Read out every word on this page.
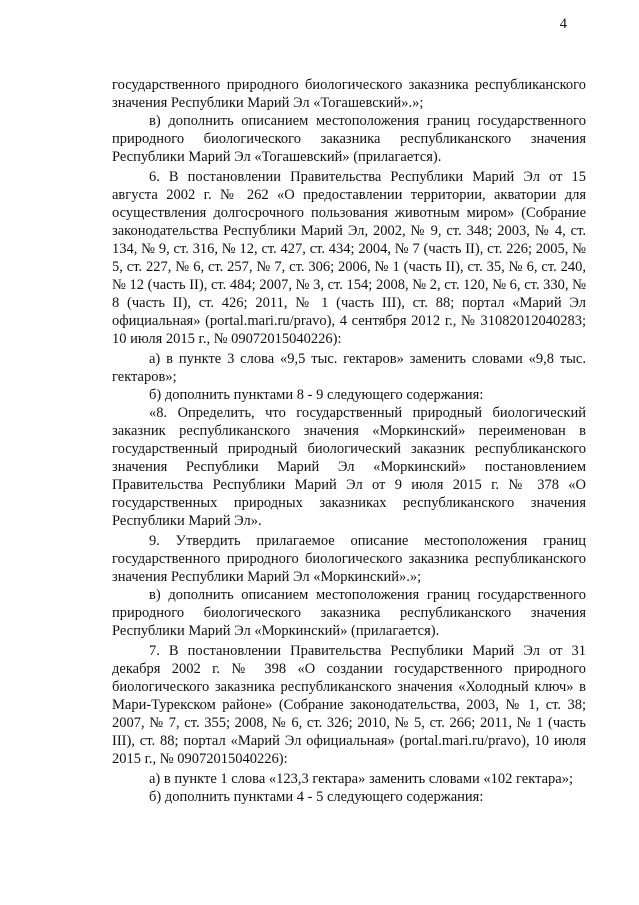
4

государственного природного биологического заказника республиканского значения Республики Марий Эл «Тогашевский».»;

в) дополнить описанием местоположения границ государственного природного биологического заказника республиканского значения Республики Марий Эл «Тогашевский» (прилагается).

6. В постановлении Правительства Республики Марий Эл от 15 августа 2002 г. № 262 «О предоставлении территории, акватории для осуществления долгосрочного пользования животным миром» (Собрание законодательства Республики Марий Эл, 2002, № 9, ст. 348; 2003, № 4, ст. 134, № 9, ст. 316, № 12, ст. 427, ст. 434; 2004, № 7 (часть II), ст. 226; 2005, № 5, ст. 227, № 6, ст. 257, № 7, ст. 306; 2006, № 1 (часть II), ст. 35, № 6, ст. 240, № 12 (часть II), ст. 484; 2007, № 3, ст. 154; 2008, № 2, ст. 120, № 6, ст. 330, № 8 (часть II), ст. 426; 2011, № 1 (часть III), ст. 88; портал «Марий Эл официальная» (portal.mari.ru/pravo), 4 сентября 2012 г., № 31082012040283; 10 июля 2015 г., № 09072015040226):

а) в пункте 3 слова «9,5 тыс. гектаров» заменить словами «9,8 тыс. гектаров»;

б) дополнить пунктами 8 - 9 следующего содержания:

«8. Определить, что государственный природный биологический заказник республиканского значения «Моркинский» переименован в государственный природный биологический заказник республиканского значения Республики Марий Эл «Моркинский» постановлением Правительства Республики Марий Эл от 9 июля 2015 г. № 378 «О государственных природных заказниках республиканского значения Республики Марий Эл».

9. Утвердить прилагаемое описание местоположения границ государственного природного биологического заказника республиканского значения Республики Марий Эл «Моркинский».»;

в) дополнить описанием местоположения границ государственного природного биологического заказника республиканского значения Республики Марий Эл «Моркинский» (прилагается).

7. В постановлении Правительства Республики Марий Эл от 31 декабря 2002 г. № 398 «О создании государственного природного биологического заказника республиканского значения «Холодный ключ» в Мари-Турекском районе» (Собрание законодательства, 2003, № 1, ст. 38; 2007, № 7, ст. 355; 2008, № 6, ст. 326; 2010, № 5, ст. 266; 2011, № 1 (часть III), ст. 88; портал «Марий Эл официальная» (portal.mari.ru/pravo), 10 июля 2015 г., № 09072015040226):

а) в пункте 1 слова «123,3 гектара» заменить словами «102 гектара»;

б) дополнить пунктами 4 - 5 следующего содержания:
